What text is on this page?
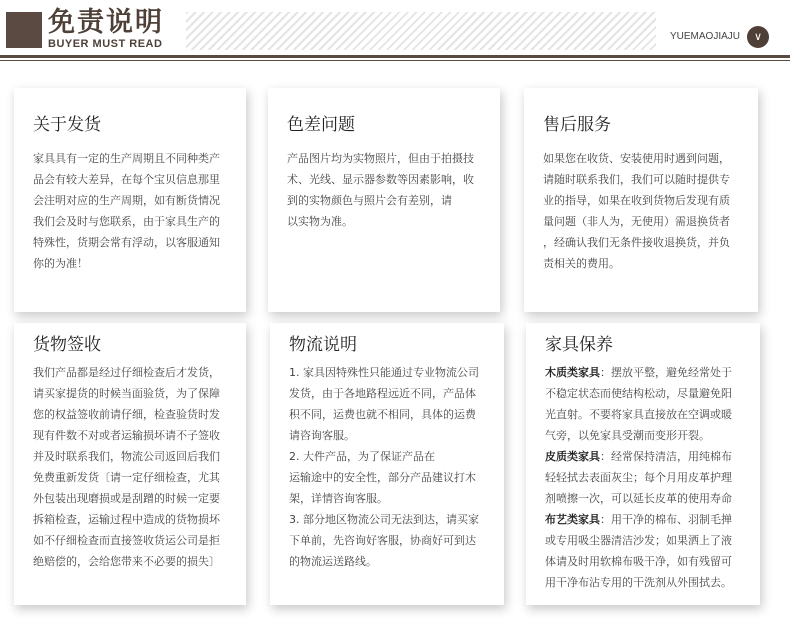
免责说明
BUYER MUST READ
YUEMAOJIAJU	∨
关于发货

家具具有一定的生产周期且不同种类产

品会有较大差异，在每个宝贝信息那里

会注明对应的生产周期，如有断货情况

我们会及时与您联系，由于家具生产的

特殊性，货期会常有浮动，以客服通知

你的为准！

色差问题

产品图片均为实物照片，但由于拍摄技

术、光线、显示器参数等因素影响，收

到的实物颜色与照片会有差别，请

以实物为准。

售后服务

如果您在收货、安装使用时遇到问题，

请随时联系我们，我们可以随时提供专

业的指导，如果在收到货物后发现有质

量问题（非人为，无使用）需退换货者

，经确认我们无条件接收退换货，并负

责相关的费用。

货物签收

我们产品都是经过仔细检查后才发货，

请买家提货的时候当面验货，为了保障

您的权益签收前请仔细，检查验货时发

现有件数不对或者运输损坏请不子签收

并及时联系我们，物流公司返回后我们

免费重新发货〔请一定仔细检查，尤其

外包装出现磨损或是刮蹭的时候一定要

拆箱检查，运输过程中造成的货物损坏

如不仔细检查而直接签收货运公司是拒

绝赔偿的，会给您带来不必要的损失〕

物流说明

1. 家具因特殊性只能通过专业物流公司

发货，由于各地路程远近不同，产品体

积不同，运费也就不相同，具体的运费

请咨询客服。

2. 大件产品，为了保证产品在

运输途中的安全性，部分产品建议打木

架，详情咨询客服。

3. 部分地区物流公司无法到达，请买家

下单前，先咨询好客服，协商好可到达

的物流运送路线。

家具保养

木质类家具：摆放平整，避免经常处于

不稳定状态而使结构松动，尽量避免阳

光直射。不要将家具直接放在空调或暖

气旁，以免家具受潮而变形开裂。

皮质类家具：经常保持清洁，用纯棉布

轻轻拭去表面灰尘；每个月用皮革护理

剂喷擦一次，可以延长皮革的使用寿命

布艺类家具：用干净的棉布、羽制毛掸

或专用吸尘器清洁沙发；如果洒上了液

体请及时用软棉布吸干净，如有残留可

用干净布沾专用的干洗剂从外围拭去。
